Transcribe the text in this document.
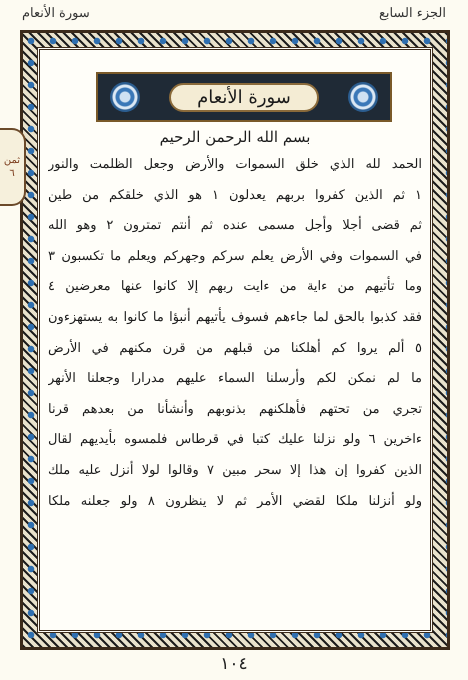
الجزء السابع
سورة الأنعام
سورة الأنعام
بسم الله الرحمن الرحيم
الحمد لله الذي خلق السموات والأرض وجعل الظلمت والنور
١ ثم الذين كفروا بربهم يعدلون ١ هو الذي خلقكم من طين
ثم قضى أجلا وأجل مسمى عنده ثم أنتم تمترون ٢ وهو الله
في السموات وفي الأرض يعلم سركم وجهركم ويعلم ما تكسبون ٣
وما تأتيهم من ءاية من ءايت ربهم إلا كانوا عنها معرضين ٤
فقد كذبوا بالحق لما جاءهم فسوف يأتيهم أنبؤا ما كانوا به يستهزءون
٥ ألم يروا كم أهلكنا من قبلهم من قرن مكنهم في الأرض
ما لم نمكن لكم وأرسلنا السماء عليهم مدرارا وجعلنا الأنهر
تجري من تحتهم فأهلكنهم بذنوبهم وأنشأنا من بعدهم قرنا
ءاخرين ٦ ولو نزلنا عليك كتبا في قرطاس فلمسوه بأيديهم لقال
الذين كفروا إن هذا إلا سحر مبين ٧ وقالوا لولا أنزل عليه ملك
ولو أنزلنا ملكا لقضي الأمر ثم لا ينظرون ٨ ولو جعلنه ملكا
ثمن
٦
١٠٤
